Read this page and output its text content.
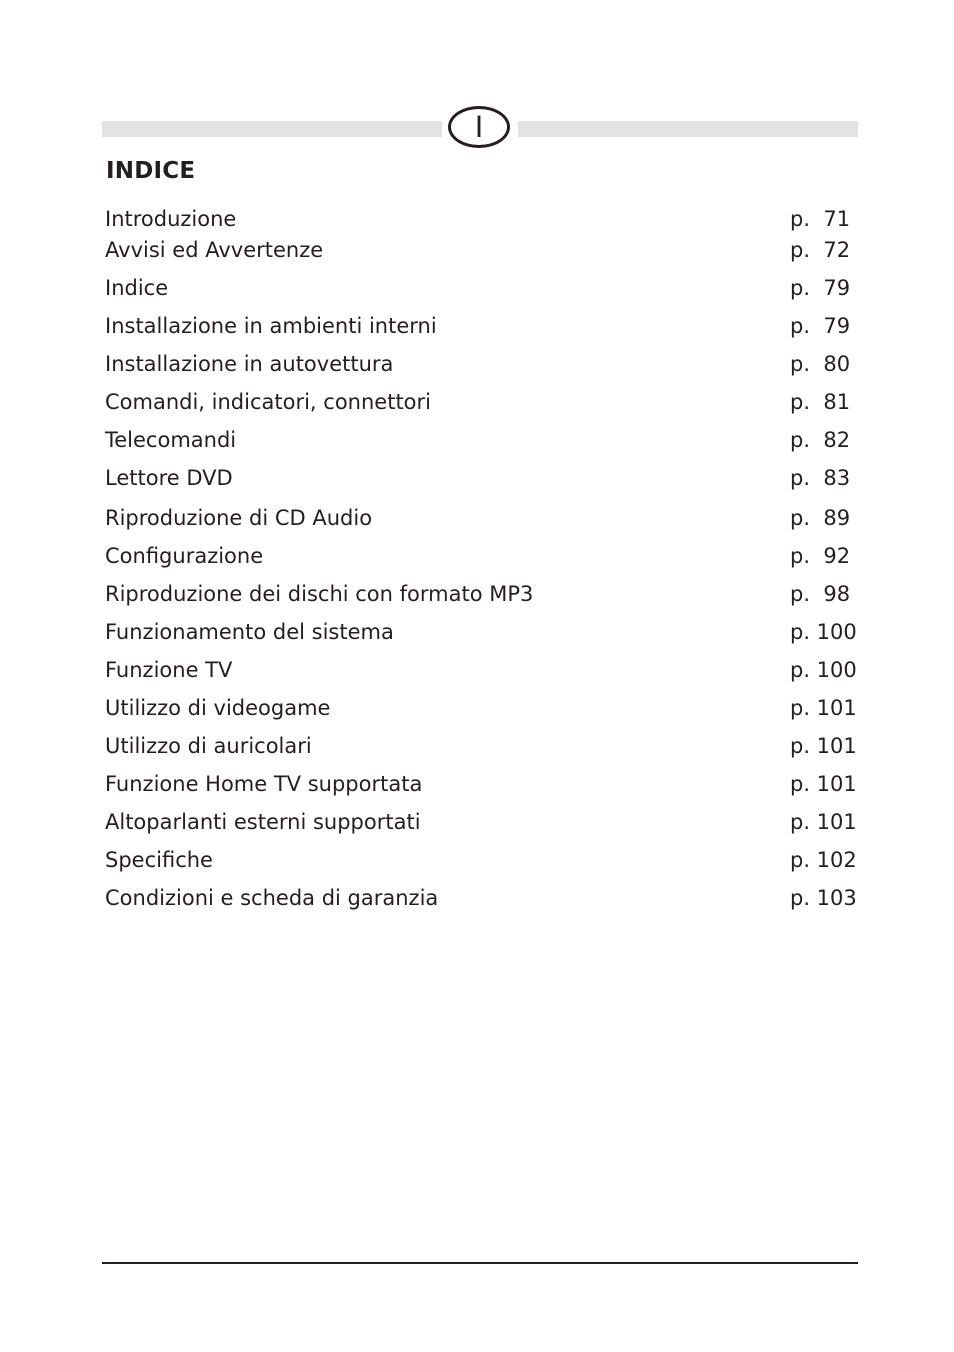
I
INDICE
Introduzione	p.  71
Avvisi ed Avvertenze	p.  72
Indice	p.  79
Installazione in ambienti interni	p.  79
Installazione in autovettura	p.  80
Comandi, indicatori, connettori	p.  81
Telecomandi	p.  82
Lettore DVD	p.  83
Riproduzione di CD Audio	p.  89
Configurazione	p.  92
Riproduzione dei dischi con formato MP3	p.  98
Funzionamento del sistema	p. 100
Funzione TV	p. 100
Utilizzo di videogame	p. 101
Utilizzo di auricolari	p. 101
Funzione Home TV supportata	p. 101
Altoparlanti esterni supportati	p. 101
Specifiche	p. 102
Condizioni e scheda di garanzia	p. 103
